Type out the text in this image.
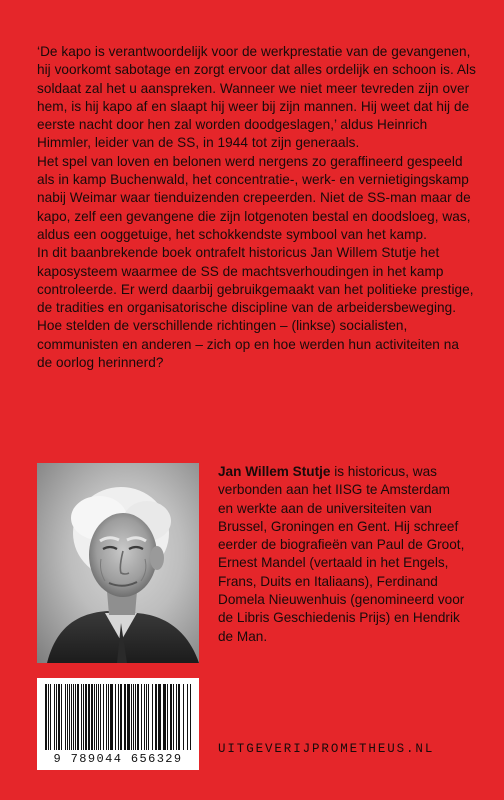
‘De kapo is verantwoordelijk voor de werkprestatie van de gevangenen, hij voorkomt sabotage en zorgt ervoor dat alles ordelijk en schoon is. Als soldaat zal het u aanspreken. Wanneer we niet meer tevreden zijn over hem, is hij kapo af en slaapt hij weer bij zijn mannen. Hij weet dat hij de eerste nacht door hen zal worden doodgeslagen,’ aldus Heinrich Himmler, leider van de SS, in 1944 tot zijn generaals.

Het spel van loven en belonen werd nergens zo geraffineerd gespeeld als in kamp Buchenwald, het concentratie-, werk- en vernietigingskamp nabij Weimar waar tienduizenden crepeerden. Niet de SS-man maar de kapo, zelf een gevangene die zijn lotgenoten bestal en doodsloeg, was, aldus een ooggetuige, het schokkendste symbool van het kamp.

In dit baanbrekende boek ontrafelt historicus Jan Willem Stutje het kaposysteem waarmee de SS de machtsverhoudingen in het kamp controleerde. Er werd daarbij gebruikgemaakt van het politieke prestige, de tradities en organisatorische discipline van de arbeidersbeweging. Hoe stelden de verschillende richtingen – (linkse) socialisten, communisten en anderen – zich op en hoe werden hun activiteiten na de oorlog herinnerd?

Jan Willem Stutje is historicus, was verbonden aan het IISG te Amsterdam en werkte aan de universiteiten van Brussel, Groningen en Gent. Hij schreef eerder de biografieën van Paul de Groot, Ernest Mandel (vertaald in het Engels, Frans, Duits en Italiaans), Ferdinand Domela Nieuwenhuis (genomineerd voor de Libris Geschiedenis Prijs) en Hendrik de Man.
9 789044 656329
UITGEVERIJPROMETHEUS.NL
